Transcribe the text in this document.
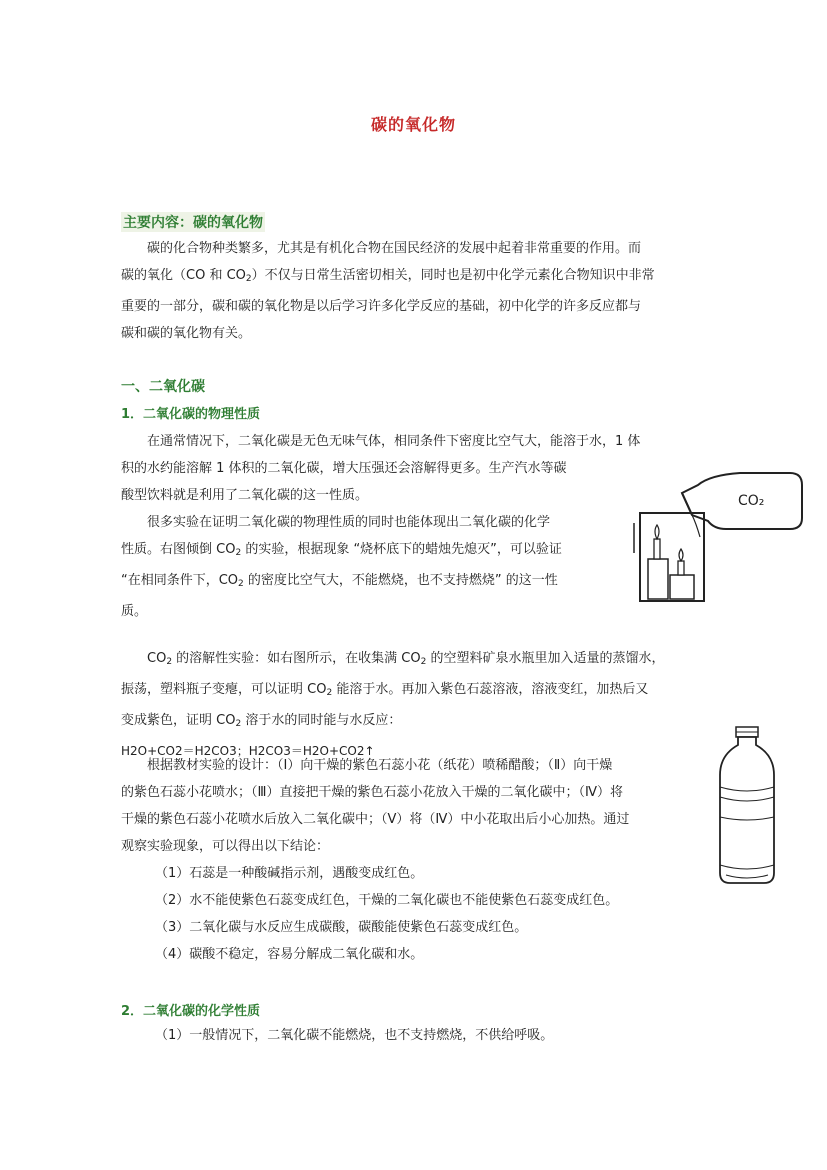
碳的氧化物
主要内容：碳的氧化物
碳的化合物种类繁多，尤其是有机化合物在国民经济的发展中起着非常重要的作用。而
碳的氧化（CO 和 $CO_2$）不仅与日常生活密切相关，同时也是初中化学元素化合物知识中非常
重要的一部分，碳和碳的氧化物是以后学习许多化学反应的基础，初中化学的许多反应都与
碳和碳的氧化物有关。
一、二氧化碳
1．二氧化碳的物理性质
在通常情况下，二氧化碳是无色无味气体，相同条件下密度比空气大，能溶于水，1 体
积的水约能溶解 1 体积的二氧化碳，增大压强还会溶解得更多。生产汽水等碳
酸型饮料就是利用了二氧化碳的这一性质。
很多实验在证明二氧化碳的物理性质的同时也能体现出二氧化碳的化学
性质。右图倾倒 $CO_2$ 的实验，根据现象 “烧杯底下的蜡烛先熄灭”，可以验证
“在相同条件下，$CO_2$ 的密度比空气大，不能燃烧，也不支持燃烧” 的这一性
质。
CO₂
$CO_2$ 的溶解性实验：如右图所示，在收集满 $CO_2$ 的空塑料矿泉水瓶里加入适量的蒸馏水，
振荡，塑料瓶子变瘪，可以证明 $CO_2$ 能溶于水。再加入紫色石蕊溶液，溶液变红，加热后又
变成紫色，证明 $CO_2$ 溶于水的同时能与水反应：
H2O+CO2＝H2CO3；H2CO3＝H2O+CO2↑
根据教材实验的设计：（Ⅰ）向干燥的紫色石蕊小花（纸花）喷稀醋酸；（Ⅱ）向干燥
的紫色石蕊小花喷水；（Ⅲ）直接把干燥的紫色石蕊小花放入干燥的二氧化碳中；（Ⅳ）将
干燥的紫色石蕊小花喷水后放入二氧化碳中；（Ⅴ）将（Ⅳ）中小花取出后小心加热。通过
观察实验现象，可以得出以下结论：
（1）石蕊是一种酸碱指示剂，遇酸变成红色。
（2）水不能使紫色石蕊变成红色，干燥的二氧化碳也不能使紫色石蕊变成红色。
（3）二氧化碳与水反应生成碳酸，碳酸能使紫色石蕊变成红色。
（4）碳酸不稳定，容易分解成二氧化碳和水。
2．二氧化碳的化学性质
（1）一般情况下，二氧化碳不能燃烧，也不支持燃烧，不供给呼吸。
